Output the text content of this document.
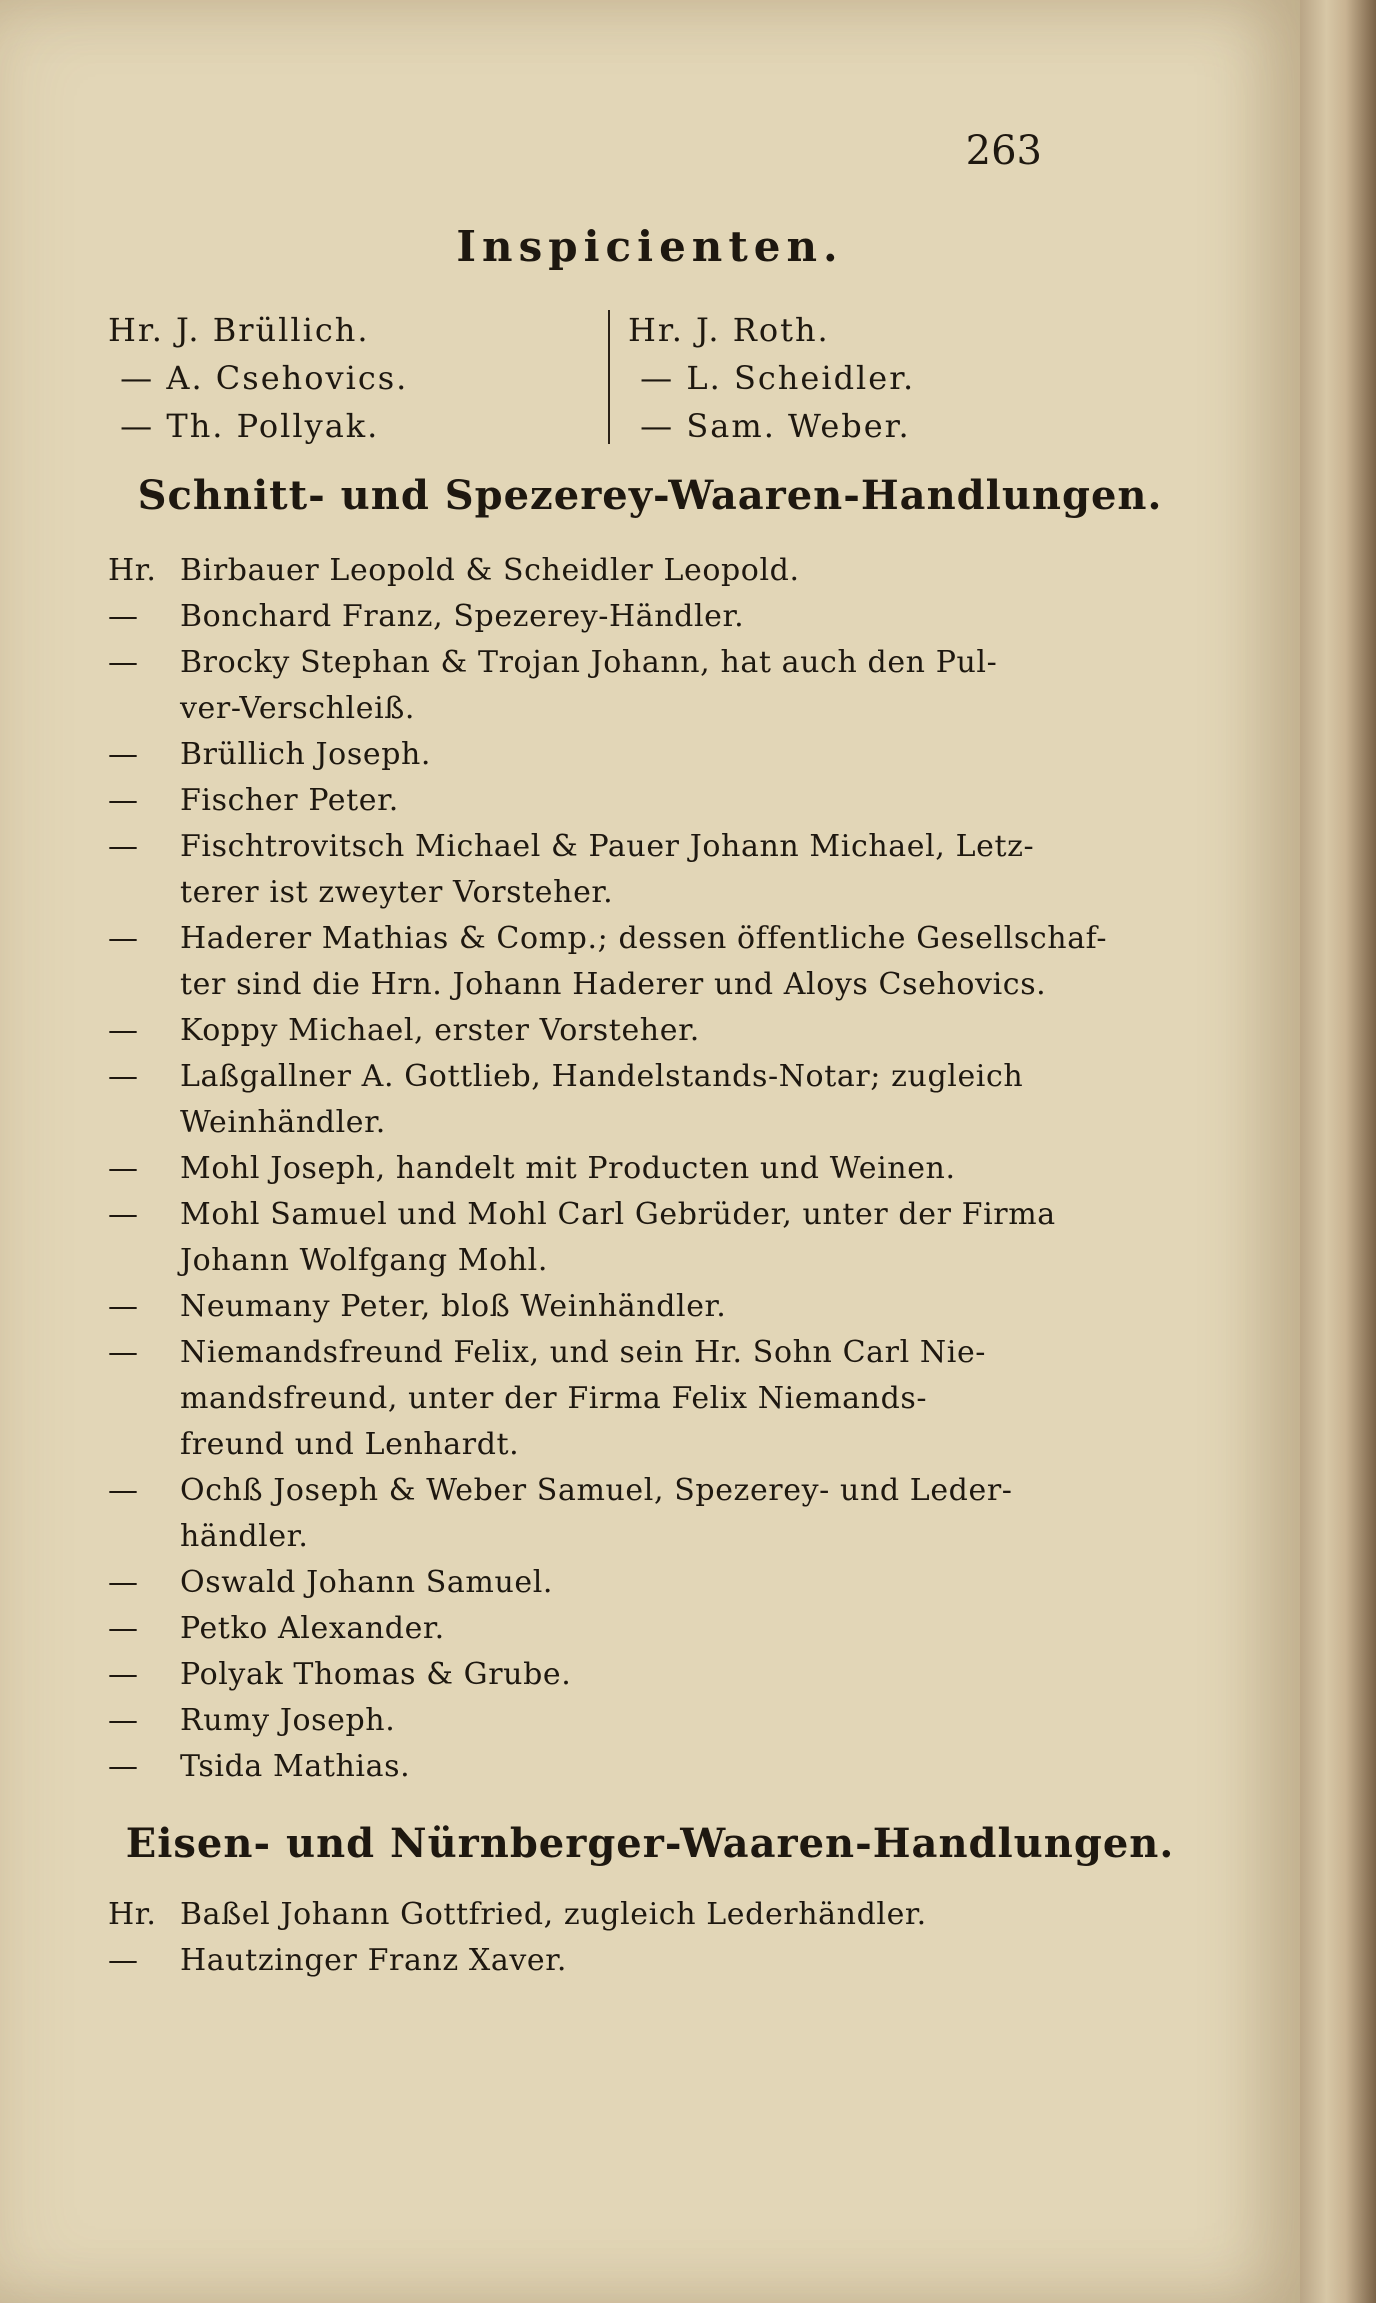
263
Inspicienten.
Hr. J. Brüllich.
— A. Csehovics.
— Th. Pollyak.
Hr. J. Roth.
— L. Scheidler.
— Sam. Weber.
Schnitt- und Spezerey-Waaren-Handlungen.

Hr. Birbauer Leopold & Scheidler Leopold.

— Bonchard Franz, Spezerey-Händler.

— Brocky Stephan & Trojan Johann, hat auch den Pul-
ver-Verschleiß.

— Brüllich Joseph.

— Fischer Peter.

— Fischtrovitsch Michael & Pauer Johann Michael, Letz-
terer ist zweyter Vorsteher.

— Haderer Mathias & Comp.; dessen öffentliche Gesellschaf-
ter sind die Hrn. Johann Haderer und Aloys Csehovics.

— Koppy Michael, erster Vorsteher.

— Laßgallner A. Gottlieb, Handelstands-Notar; zugleich
Weinhändler.

— Mohl Joseph, handelt mit Producten und Weinen.

— Mohl Samuel und Mohl Carl Gebrüder, unter der Firma
Johann Wolfgang Mohl.

— Neumany Peter, bloß Weinhändler.

— Niemandsfreund Felix, und sein Hr. Sohn Carl Nie-
mandsfreund, unter der Firma Felix Niemands-
freund und Lenhardt.

— Ochß Joseph & Weber Samuel, Spezerey- und Leder-
händler.

— Oswald Johann Samuel.

— Petko Alexander.

— Polyak Thomas & Grube.

— Rumy Joseph.

— Tsida Mathias.

Eisen- und Nürnberger-Waaren-Handlungen.

Hr. Baßel Johann Gottfried, zugleich Lederhändler.

— Hautzinger Franz Xaver.
